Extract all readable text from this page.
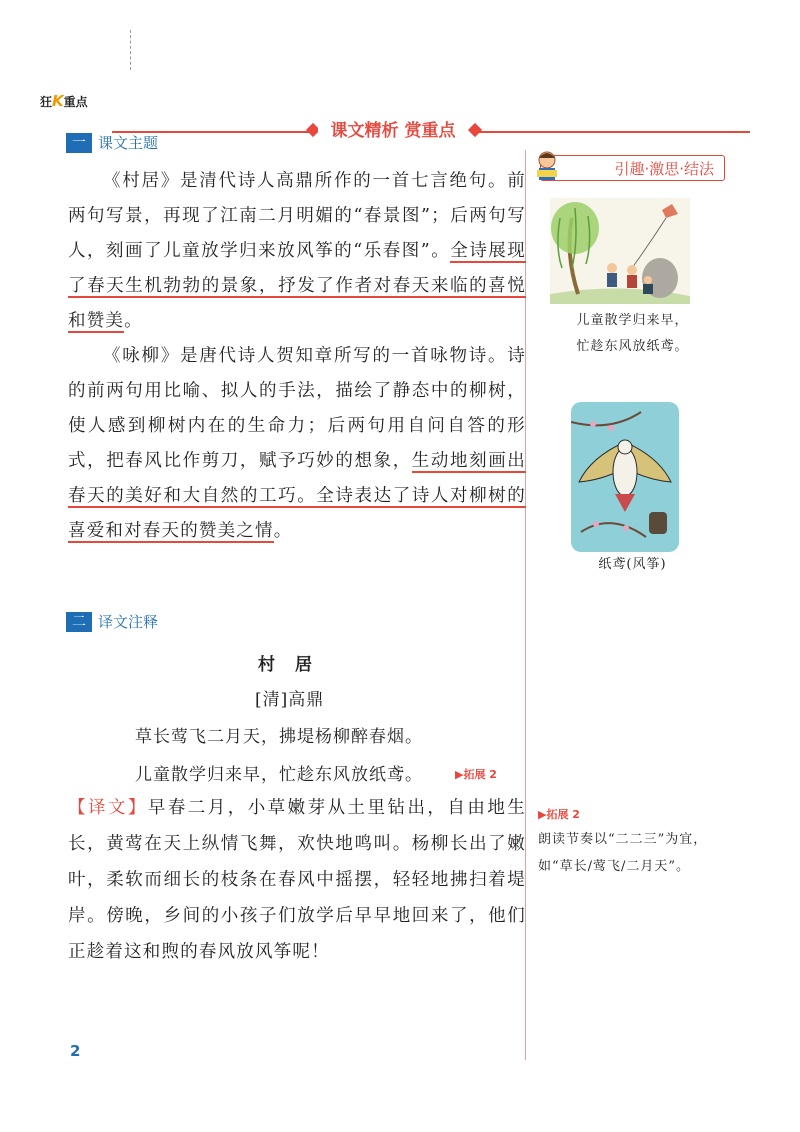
狂K重点
课文精析 赏重点
一 课文主题

《村居》是清代诗人高鼎所作的一首七言绝句。前两句写景，再现了江南二月明媚的“春景图”；后两句写人，刻画了儿童放学归来放风筝的“乐春图”。全诗展现了春天生机勃勃的景象，抒发了作者对春天来临的喜悦和赞美。

《咏柳》是唐代诗人贺知章所写的一首咏物诗。诗的前两句用比喻、拟人的手法，描绘了静态中的柳树，使人感到柳树内在的生命力；后两句用自问自答的形式，把春风比作剪刀，赋予巧妙的想象，生动地刻画出春天的美好和大自然的工巧。全诗表达了诗人对柳树的喜爱和对春天的赞美之情。

二 译文注释
村居
[清]高鼎
草长莺飞二月天，拂堤杨柳醉春烟。
儿童散学归来早，忙趁东风放纸鸢。	▶拓展 2

【译文】早春二月，小草嫩芽从土里钻出，自由地生长，黄莺在天上纵情飞舞，欢快地鸣叫。杨柳长出了嫩叶，柔软而细长的枝条在春风中摇摆，轻轻地拂扫着堤岸。傍晚，乡间的小孩子们放学后早早地回来了，他们正趁着这和煦的春风放风筝呢！

引趣·激思·结法
儿童散学归来早，
忙趁东风放纸鸢。
纸鸢(风筝)
▶拓展 2
朗读节奏以“二二三”为宜，如“草长/莺飞/二月天”。
2
